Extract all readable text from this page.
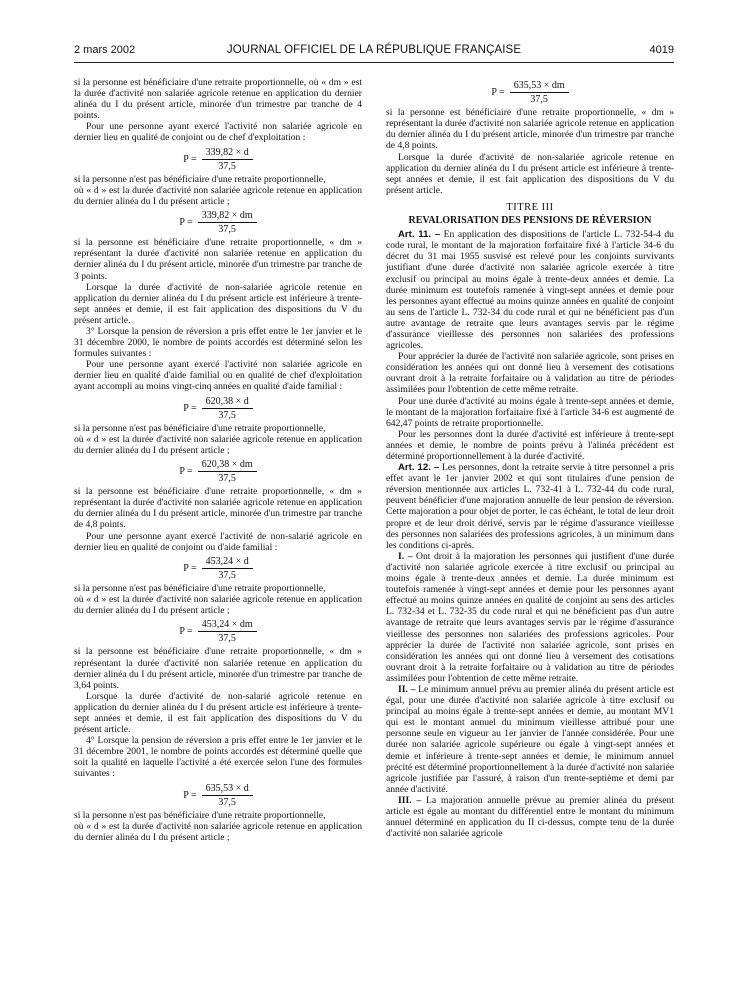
2 mars 2002	JOURNAL OFFICIEL DE LA RÉPUBLIQUE FRANÇAISE	4019

si la personne est bénéficiaire d'une retraite proportionnelle, où « dm » est la durée d'activité non salariée agricole retenue en application du dernier alinéa du I du présent article, minorée d'un trimestre par tranche de 4 points.

Pour une personne ayant exercé l'activité non salariée agricole en dernier lieu en qualité de conjoint ou de chef d'exploitation :

$P = \frac{339,82 \times d}{37,5}$

si la personne n'est pas bénéficiaire d'une retraite proportionnelle,

où « d » est la durée d'activité non salariée agricole retenue en application du dernier alinéa du I du présent article ;

$P = \frac{339,82 \times dm}{37,5}$

si la personne est bénéficiaire d'une retraite proportionnelle, « dm » représentant la durée d'activité non salariée retenue en application du dernier alinéa du I du présent article, minorée d'un trimestre par tranche de 3 points.

Lorsque la durée d'activité de non-salariée agricole retenue en application du dernier alinéa du I du présent article est inférieure à trente-sept années et demie, il est fait application des dispositions du V du présent article.

3° Lorsque la pension de réversion a pris effet entre le 1er janvier et le 31 décembre 2000, le nombre de points accordés est déterminé selon les formules suivantes :

Pour une personne ayant exercé l'activité non salariée agricole en dernier lieu en qualité d'aide familial ou en qualité de chef d'exploitation ayant accompli au moins vingt-cinq années en qualité d'aide familial :

$P = \frac{620,38 \times d}{37,5}$

si la personne n'est pas bénéficiaire d'une retraite proportionnelle,

où « d » est la durée d'activité non salariée agricole retenue en application du dernier alinéa du I du présent article ;

$P = \frac{620,38 \times dm}{37,5}$

si la personne est bénéficiaire d'une retraite proportionnelle, « dm » représentant la durée d'activité non salariée agricole retenue en application du dernier alinéa du I du présent article, minorée d'un trimestre par tranche de 4,8 points.

Pour une personne ayant exercé l'activité de non-salarié agricole en dernier lieu en qualité de conjoint ou d'aide familial :

$P = \frac{453,24 \times d}{37,5}$

si la personne n'est pas bénéficiaire d'une retraite proportionnelle,

où « d » est la durée d'activité non salariée agricole retenue en application du dernier alinéa du I du présent article ;

$P = \frac{453,24 \times dm}{37,5}$

si la personne est bénéficiaire d'une retraite proportionnelle, « dm » représentant la durée d'activité non salariée retenue en application du dernier alinéa du I du présent article, minorée d'un trimestre par tranche de 3,64 points.

Lorsque la durée d'activité de non-salarié agricole retenue en application du dernier alinéa du I du présent article est inférieure à trente-sept années et demie, il est fait application des dispositions du V du présent article.

4° Lorsque la pension de réversion a pris effet entre le 1er janvier et le 31 décembre 2001, le nombre de points accordés est déterminé quelle que soit la qualité en laquelle l'activité a été exercée selon l'une des formules suivantes :

$P = \frac{635,53 \times d}{37,5}$

si la personne n'est pas bénéficiaire d'une retraite proportionnelle,

où « d » est la durée d'activité non salariée agricole retenue en application du dernier alinéa du I du présent article ;

$P = \frac{635,53 \times dm}{37,5}$

si la personne est bénéficiaire d'une retraite proportionnelle, « dm » représentant la durée d'activité non salariée agricole retenue en application du dernier alinéa du I du présent article, minorée d'un trimestre par tranche de 4,8 points.

Lorsque la durée d'activité de non-salariée agricole retenue en application du dernier alinéa du I du présent article est inférieure à trente-sept années et demie, il est fait application des dispositions du V du présent article.

TITRE III
REVALORISATION DES PENSIONS DE RÉVERSION

Art. 11. – En application des dispositions de l'article L. 732-54-4 du code rural, le montant de la majoration forfaitaire fixé à l'article 34-6 du décret du 31 mai 1955 susvisé est relevé pour les conjoints survivants justifiant d'une durée d'activité non salariée agricole exercée à titre exclusif ou principal au moins égale à trente-deux années et demie. La durée minimum est toutefois ramenée à vingt-sept années et demie pour les personnes ayant effectué au moins quinze années en qualité de conjoint au sens de l'article L. 732-34 du code rural et qui ne bénéficient pas d'un autre avantage de retraite que leurs avantages servis par le régime d'assurance vieillesse des personnes non salariées des professions agricoles.

Pour apprécier la durée de l'activité non salariée agricole, sont prises en considération les années qui ont donné lieu à versement des cotisations ouvrant droit à la retraite forfaitaire ou à validation au titre de périodes assimilées pour l'obtention de cette même retraite.

Pour une durée d'activité au moins égale à trente-sept années et demie, le montant de la majoration forfaitaire fixé à l'article 34-6 est augmenté de 642,47 points de retraite proportionnelle.

Pour les personnes dont la durée d'activité est inférieure à trente-sept années et demie, le nombre de points prévu à l'alinéa précédent est déterminé proportionnellement à la durée d'activité.

Art. 12. – Les personnes, dont la retraite servie à titre personnel a pris effet avant le 1er janvier 2002 et qui sont titulaires d'une pension de réversion mentionnée aux articles L. 732-41 à L. 732-44 du code rural, peuvent bénéficier d'une majoration annuelle de leur pension de réversion. Cette majoration a pour objet de porter, le cas échéant, le total de leur droit propre et de leur droit dérivé, servis par le régime d'assurance vieillesse des personnes non salariées des professions agricoles, à un minimum dans les conditions ci-après.

I. – Ont droit à la majoration les personnes qui justifient d'une durée d'activité non salariée agricole exercée à titre exclusif ou principal au moins égale à trente-deux années et demie. La durée minimum est toutefois ramenée à vingt-sept années et demie pour les personnes ayant effectué au moins quinze années en qualité de conjoint au sens des articles L. 732-34 et L. 732-35 du code rural et qui ne bénéficient pas d'un autre avantage de retraite que leurs avantages servis par le régime d'assurance vieillesse des personnes non salariées des professions agricoles. Pour apprécier la durée de l'activité non salariée agricole, sont prises en considération les années qui ont donné lieu à versement des cotisations ouvrant droit à la retraite forfaitaire ou à validation au titre de périodes assimilées pour l'obtention de cette même retraite.

II. – Le minimum annuel prévu au premier alinéa du présent article est égal, pour une durée d'activité non salariée agricole à titre exclusif ou principal au moins égale à trente-sept années et demie, au montant MV1 qui est le montant annuel du minimum vieillesse attribué pour une personne seule en vigueur au 1er janvier de l'année considérée. Pour une durée non salariée agricole supérieure ou égale à vingt-sept années et demie et inférieure à trente-sept années et demie, le minimum annuel précité est déterminé proportionnellement à la durée d'activité non salariée agricole justifiée par l'assuré, à raison d'un trente-septième et demi par année d'activité.

III. – La majoration annuelle prévue au premier alinéa du présent article est égale au montant du différentiel entre le montant du minimum annuel déterminé en application du II ci-dessus, compte tenu de la durée d'activité non salariée agricole
